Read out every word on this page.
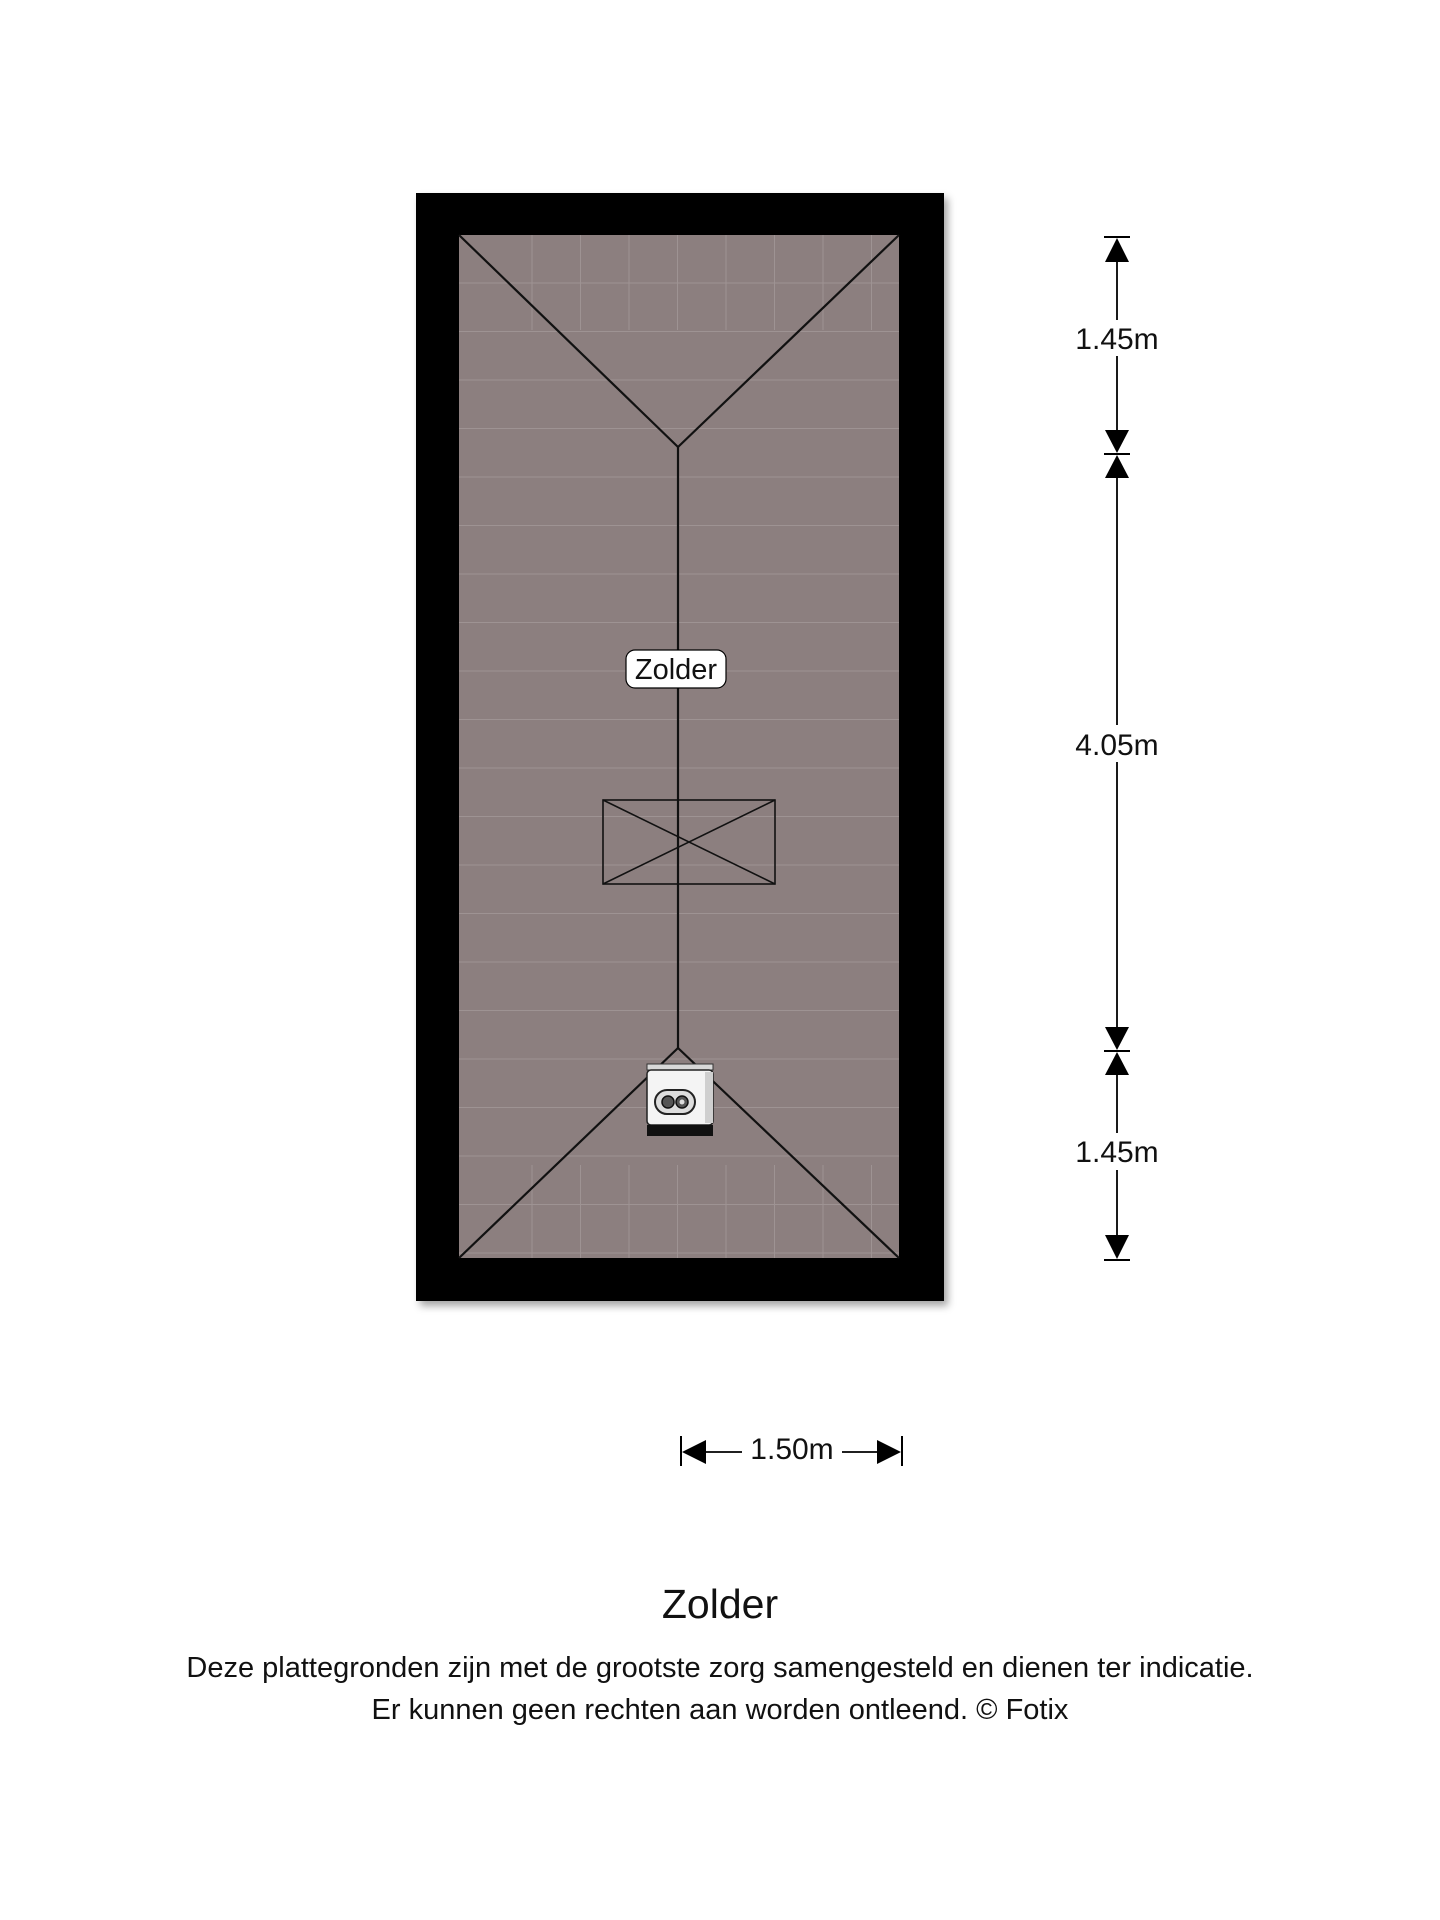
Zolder
1.45m
4.05m
1.45m
1.50m
Zolder
Deze plattegronden zijn met de grootste zorg samengesteld en dienen ter indicatie.
Er kunnen geen rechten aan worden ontleend. © Fotix
